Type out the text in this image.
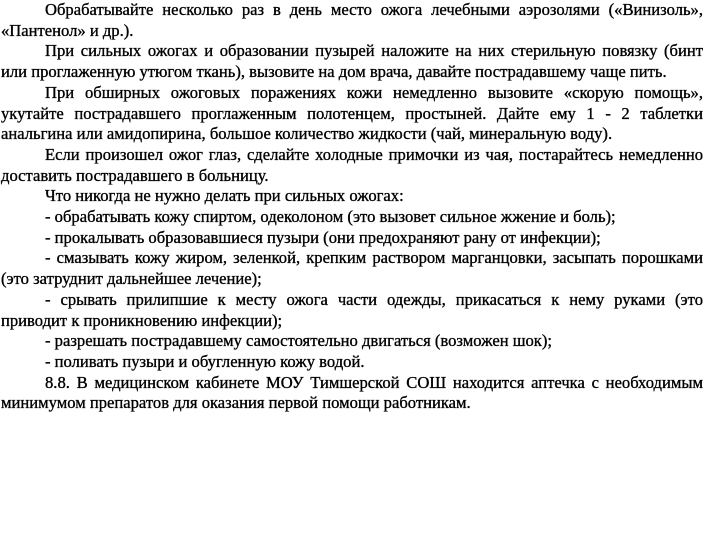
Обрабатывайте несколько раз в день место ожога лечебными аэрозолями («Винизоль», «Пантенол» и др.).

При сильных ожогах и образовании пузырей наложите на них стерильную повязку (бинт или проглаженную утюгом ткань), вызовите на дом врача, давайте пострадавшему чаще пить.

При обширных ожоговых поражениях кожи немедленно вызовите «скорую помощь», укутайте пострадавшего проглаженным полотенцем, простыней. Дайте ему 1 - 2 таблетки анальгина или амидопирина, большое количество жидкости (чай, минеральную воду).

Если произошел ожог глаз, сделайте холодные примочки из чая, постарайтесь немедленно доставить пострадавшего в больницу.

Что никогда не нужно делать при сильных ожогах:

- обрабатывать кожу спиртом, одеколоном (это вызовет сильное жжение и боль);

- прокалывать образовавшиеся пузыри (они предохраняют рану от инфекции);

- смазывать кожу жиром, зеленкой, крепким раствором марганцовки, засыпать порошками (это затруднит дальнейшее лечение);

- срывать прилипшие к месту ожога части одежды, прикасаться к нему руками (это приводит к проникновению инфекции);

- разрешать пострадавшему самостоятельно двигаться (возможен шок);

- поливать пузыри и обугленную кожу водой.

8.8. В медицинском кабинете МОУ Тимшерской СОШ находится аптечка с необходимым минимумом препаратов для оказания первой помощи работникам.
